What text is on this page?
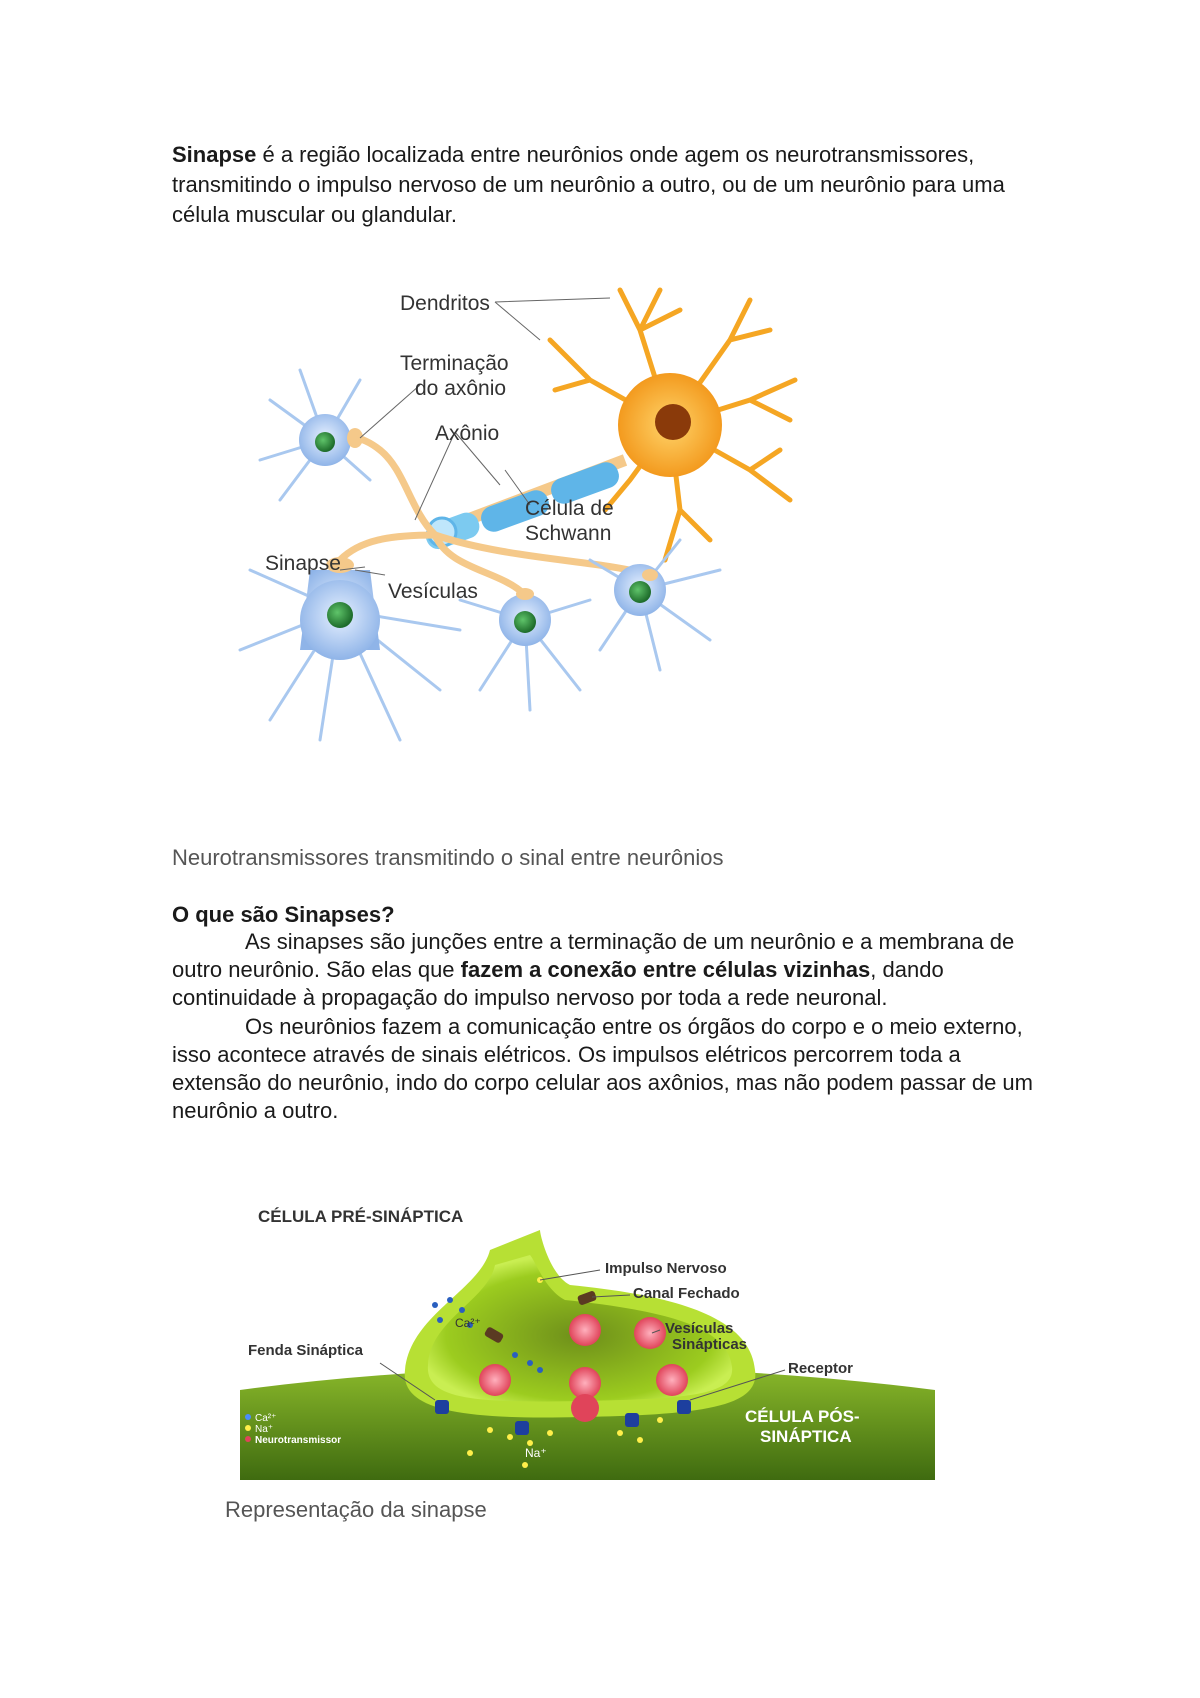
Sinapse é a região localizada entre neurônios onde agem os neurotransmissores, transmitindo o impulso nervoso de um neurônio a outro, ou de um neurônio para uma célula muscular ou glandular.

Dendritos
Terminação
do axônio
Axônio
Célula de
Schwann
Sinapse
Vesículas

Neurotransmissores transmitindo o sinal entre neurônios

O que são Sinapses?

As sinapses são junções entre a terminação de um neurônio e a membrana de outro neurônio. São elas que fazem a conexão entre células vizinhas, dando continuidade à propagação do impulso nervoso por toda a rede neuronal.
Os neurônios fazem a comunicação entre os órgãos do corpo e o meio externo, isso acontece através de sinais elétricos. Os impulsos elétricos percorrem toda a extensão do neurônio, indo do corpo celular aos axônios, mas não podem passar de um neurônio a outro.

CÉLULA PRÉ-SINÁPTICA
Impulso Nervoso
Canal Fechado
Vesículas
Sinápticas
Fenda Sináptica
Receptor
CÉLULA PÓS-
SINÁPTICA
Ca²⁺
Na⁺
Ca²⁺
Na⁺
Neurotransmissor

Representação da sinapse
